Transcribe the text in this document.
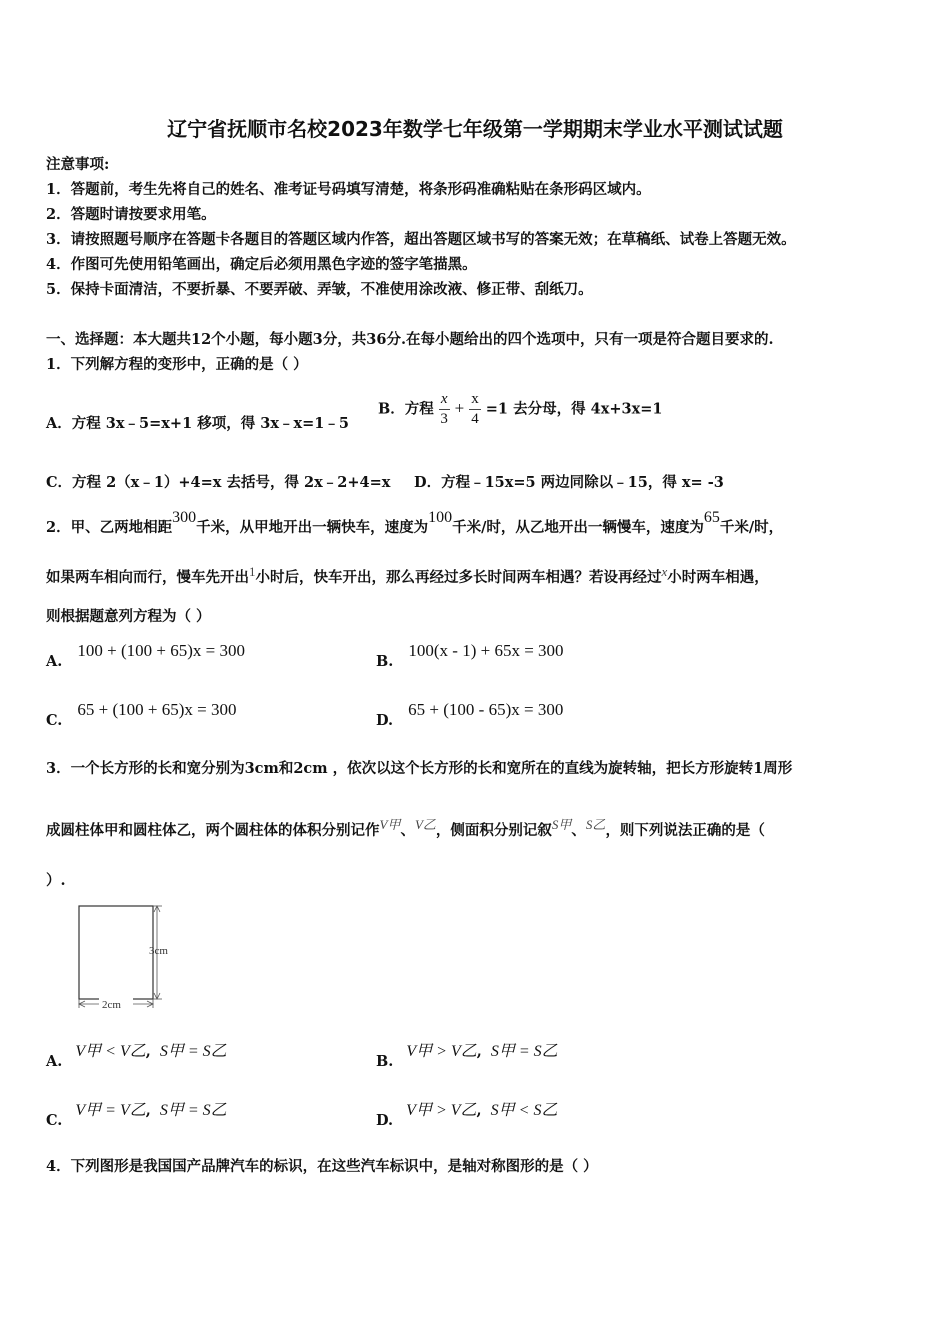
辽宁省抚顺市名校2023年数学七年级第一学期期末学业水平测试试题
注意事项:
1．答题前，考生先将自己的姓名、准考证号码填写清楚，将条形码准确粘贴在条形码区域内。
2．答题时请按要求用笔。
3．请按照题号顺序在答题卡各题目的答题区域内作答，超出答题区域书写的答案无效；在草稿纸、试卷上答题无效。
4．作图可先使用铅笔画出，确定后必须用黑色字迹的签字笔描黑。
5．保持卡面清洁，不要折暴、不要弄破、弄皱，不准使用涂改液、修正带、刮纸刀。
一、选择题：本大题共12个小题，每小题3分，共36分.在每小题给出的四个选项中，只有一项是符合题目要求的.
1．下列解方程的变形中，正确的是（ ）
A．方程 3x﹣5=x+1 移项，得 3x﹣x=1﹣5
B．方程 $\frac{x}{3} + \frac{x}{4} =1$ 去分母，得 4x+3x=1
C．方程 2（x﹣1）+4=x 去括号，得 2x﹣2+4=x D．方程﹣15x=5 两边同除以﹣15，得 x= -3
2．甲、乙两地相距300千米，从甲地开出一辆快车，速度为100千米/时，从乙地开出一辆慢车，速度为65千米/时，
如果两车相向而行，慢车先开出1小时后，快车开出，那么再经过多长时间两车相遇？若设再经过x小时两车相遇，
则根据题意列方程为（ ）
A. 100 + (100 + 65)x = 300
B. 100(x - 1) + 65x = 300
C. 65 + (100 + 65)x = 300
D. 65 + (100 - 65)x = 300
3．一个长方形的长和宽分别为3cm和2cm ，依次以这个长方形的长和宽所在的直线为旋转轴，把长方形旋转1周形
成圆柱体甲和圆柱体乙，两个圆柱体的体积分别记作V甲、V乙，侧面积分别记叙S甲、S乙，则下列说法正确的是（
）.
3cm
2cm
A. V甲 < V乙, S甲 = S乙
B. V甲 > V乙, S甲 = S乙
C. V甲 = V乙, S甲 = S乙
D. V甲 > V乙, S甲 < S乙
4．下列图形是我国国产品牌汽车的标识，在这些汽车标识中，是轴对称图形的是（ ）
